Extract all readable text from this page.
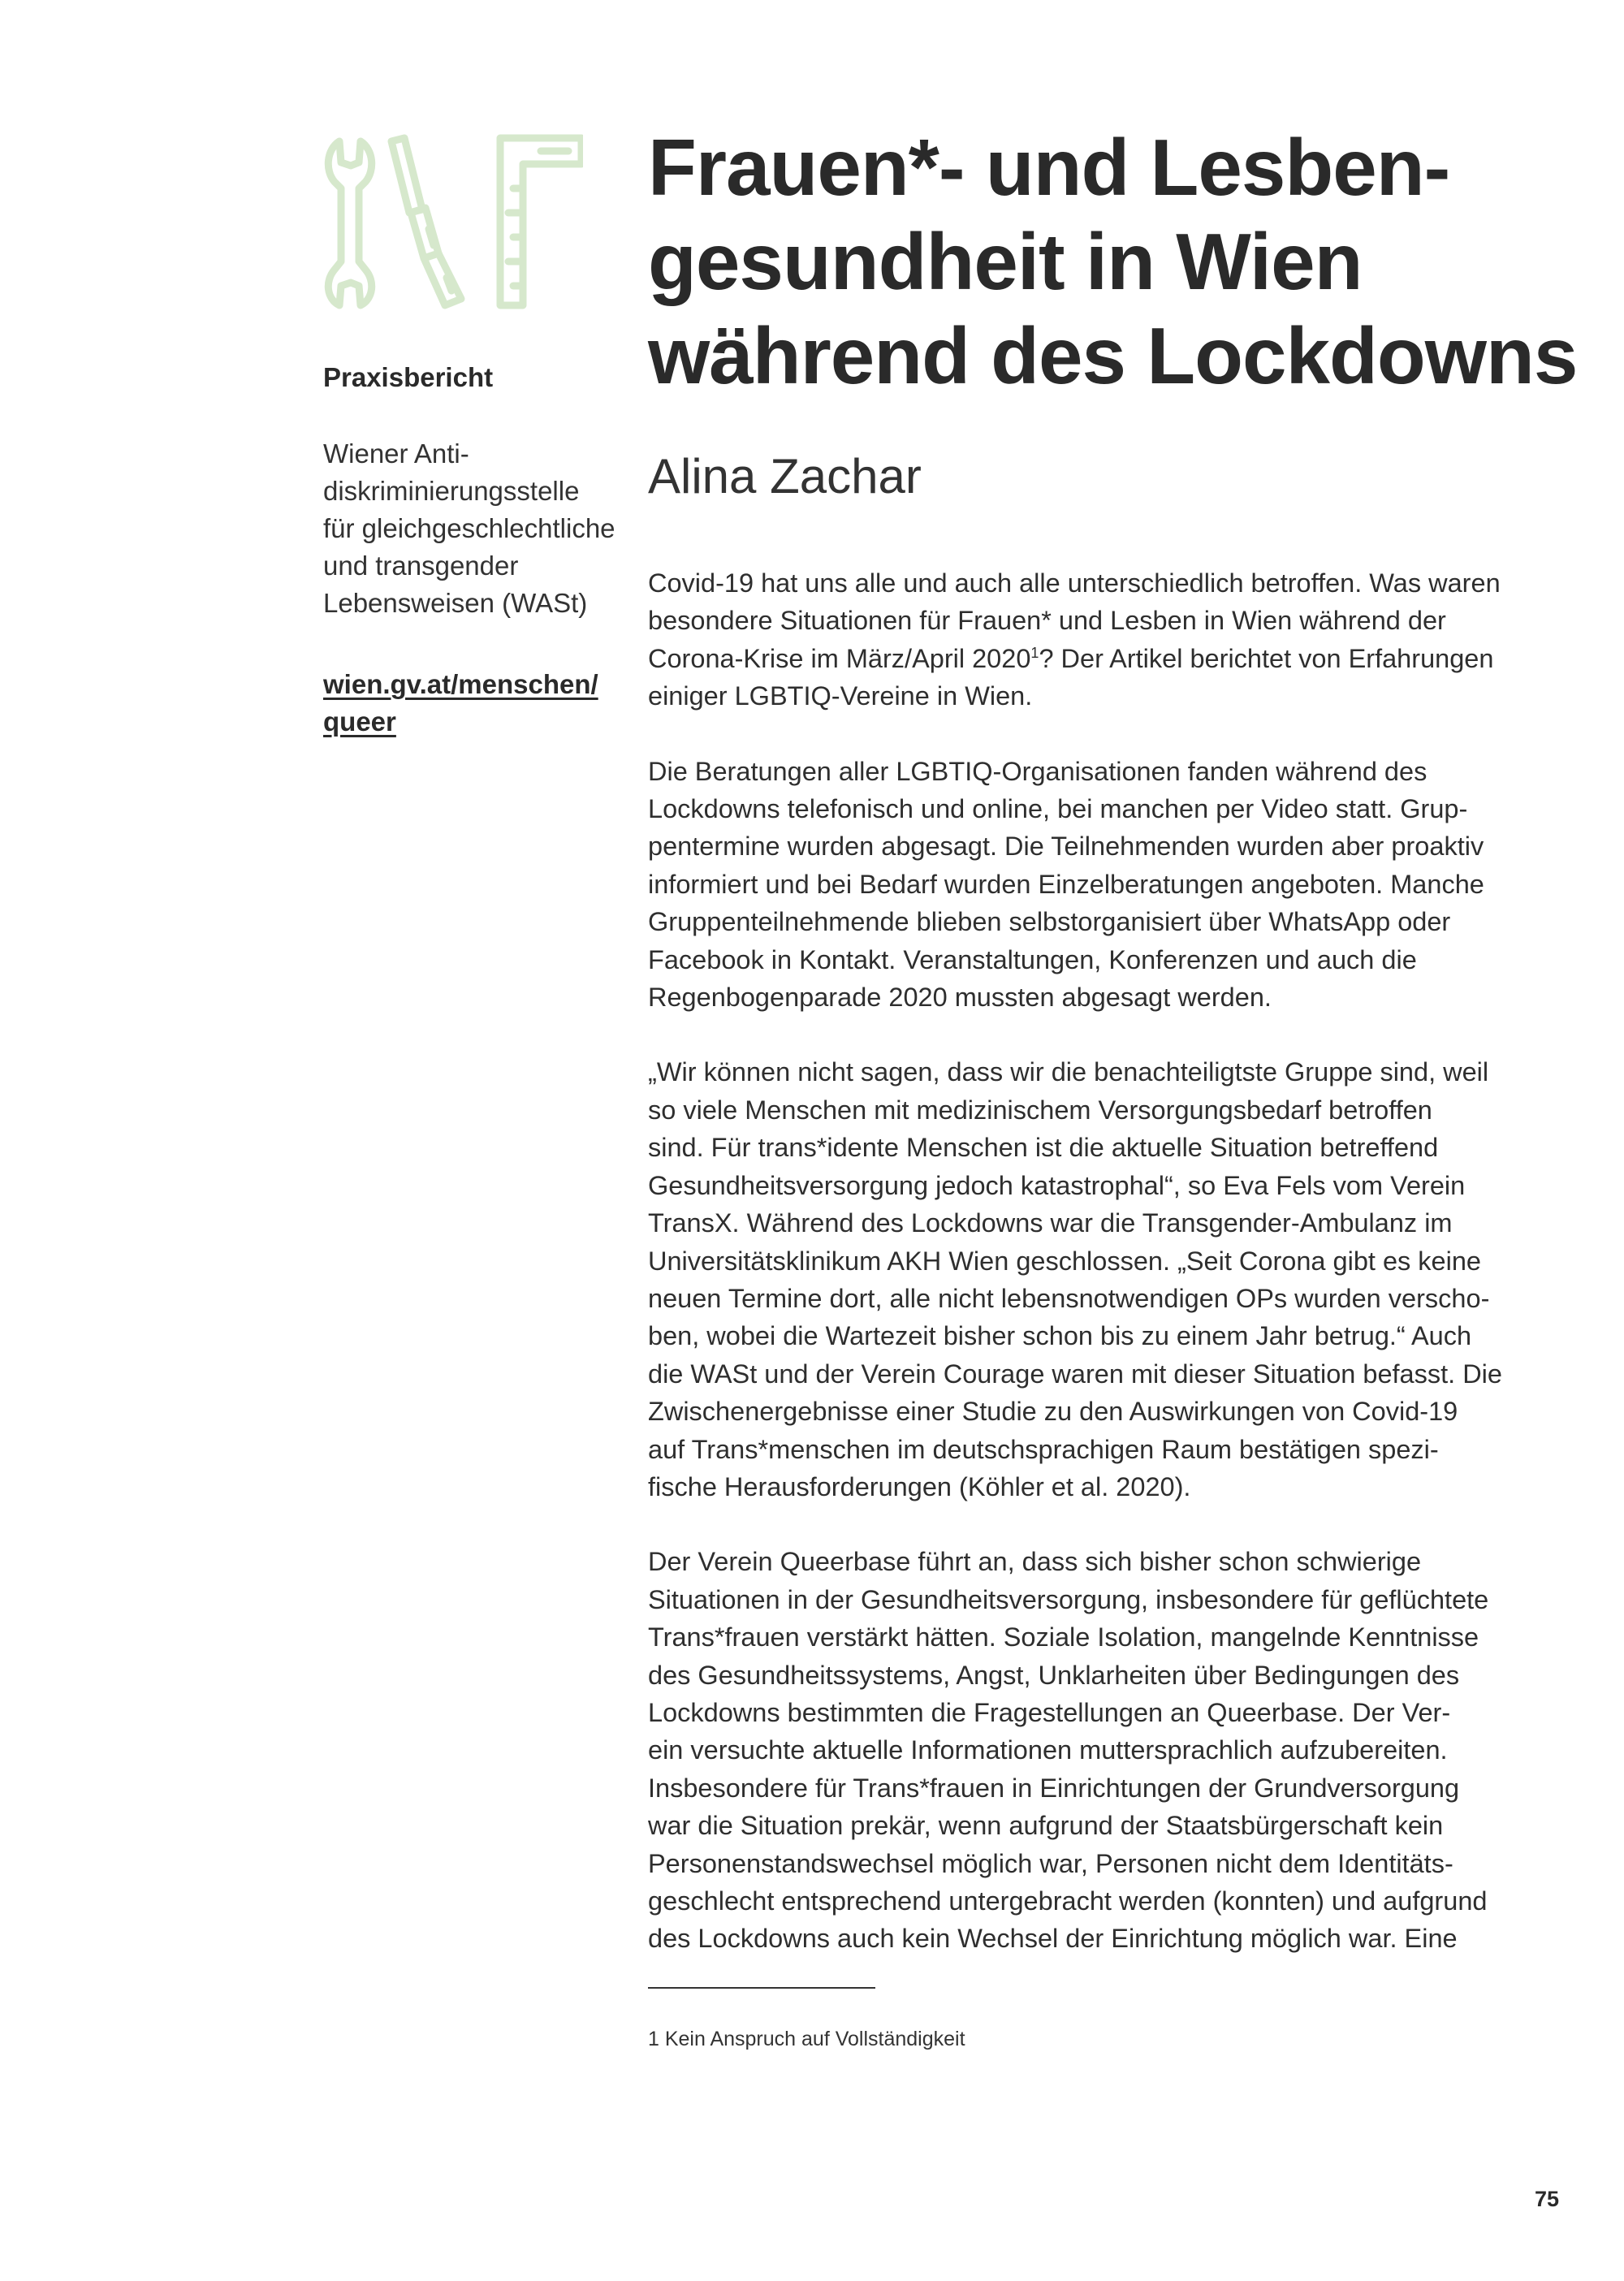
Praxisbericht
Wiener Anti-
diskriminierungsstelle
für gleichgeschlechtliche
und transgender
Lebensweisen (WASt)
wien.gv.at/menschen/
queer
Frauen*- und Lesben-
gesundheit in Wien
während des Lockdowns
Alina Zachar

Covid-19 hat uns alle und auch alle unterschiedlich betroffen. Was waren
besondere Situationen für Frauen* und Lesben in Wien während der
Corona-Krise im März/April 2020$^1$? Der Artikel berichtet von Erfahrungen
einiger LGBTIQ-Vereine in Wien.

Die Beratungen aller LGBTIQ-Organisationen fanden während des
Lockdowns telefonisch und online, bei manchen per Video statt. Grup-
pentermine wurden abgesagt. Die Teilnehmenden wurden aber proaktiv
informiert und bei Bedarf wurden Einzelberatungen angeboten. Manche
Gruppenteilnehmende blieben selbstorganisiert über WhatsApp oder
Facebook in Kontakt. Veranstaltungen, Konferenzen und auch die
Regenbogenparade 2020 mussten abgesagt werden.

„Wir können nicht sagen, dass wir die benachteiligtste Gruppe sind, weil
so viele Menschen mit medizinischem Versorgungsbedarf betroffen
sind. Für trans*idente Menschen ist die aktuelle Situation betreffend
Gesundheitsversorgung jedoch katastrophal“, so Eva Fels vom Verein
TransX. Während des Lockdowns war die Transgender-Ambulanz im
Universitätsklinikum AKH Wien geschlossen. „Seit Corona gibt es keine
neuen Termine dort, alle nicht lebensnotwendigen OPs wurden verscho-
ben, wobei die Wartezeit bisher schon bis zu einem Jahr betrug.“ Auch
die WASt und der Verein Courage waren mit dieser Situation befasst. Die
Zwischenergebnisse einer Studie zu den Auswirkungen von Covid-19
auf Trans*menschen im deutschsprachigen Raum bestätigen spezi-
fische Herausforderungen (Köhler et al. 2020).

Der Verein Queerbase führt an, dass sich bisher schon schwierige
Situationen in der Gesundheitsversorgung, insbesondere für geflüchtete
Trans*frauen verstärkt hätten. Soziale Isolation, mangelnde Kenntnisse
des Gesundheitssystems, Angst, Unklarheiten über Bedingungen des
Lockdowns bestimmten die Fragestellungen an Queerbase. Der Ver-
ein versuchte aktuelle Informationen muttersprachlich aufzubereiten.
Insbesondere für Trans*frauen in Einrichtungen der Grundversorgung
war die Situation prekär, wenn aufgrund der Staatsbürgerschaft kein
Personenstandswechsel möglich war, Personen nicht dem Identitäts-
geschlecht entsprechend untergebracht werden (konnten) und aufgrund
des Lockdowns auch kein Wechsel der Einrichtung möglich war. Eine

1 Kein Anspruch auf Vollständigkeit
75
